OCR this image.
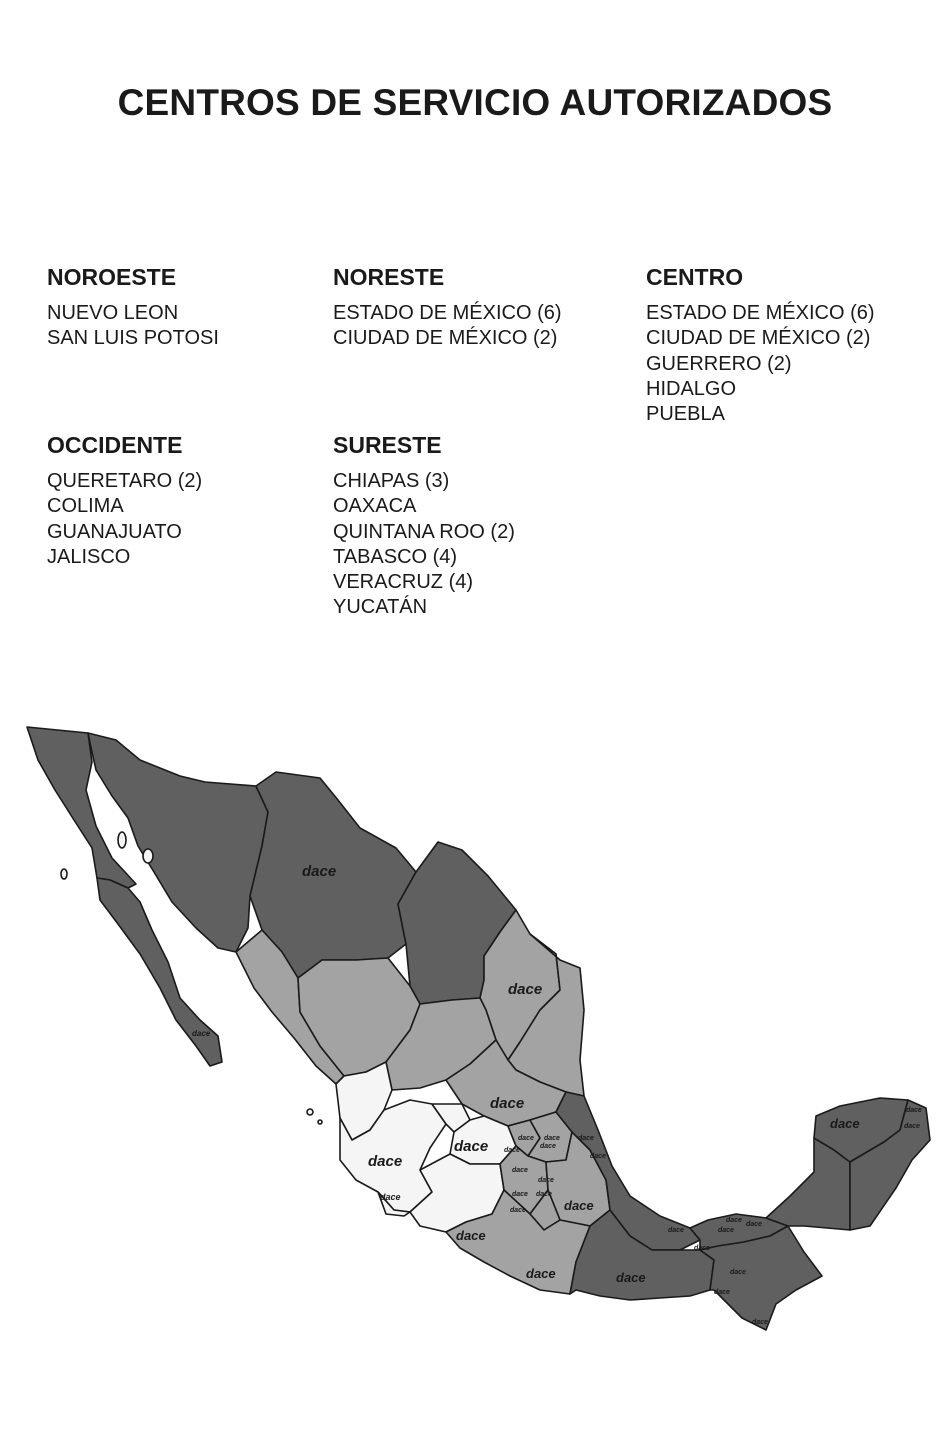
CENTROS DE SERVICIO AUTORIZADOS
NOROESTE
NUEVO LEON
SAN LUIS POTOSI
NORESTE
ESTADO DE MÉXICO (6)
CIUDAD DE MÉXICO (2)
CENTRO
ESTADO DE MÉXICO (6)
CIUDAD DE MÉXICO (2)
GUERRERO (2)
HIDALGO
PUEBLA
OCCIDENTE
QUERETARO (2)
COLIMA
GUANAJUATO
JALISCO
SURESTE
CHIAPAS (3)
OAXACA
QUINTANA ROO (2)
TABASCO (4)
VERACRUZ (4)
YUCATÁN
dace
dace
dace
dace
dace
dace
dace
dace
dace
dace	dace
dace
dace
dace
dace dace
dace
dace
dace
dace
dace
dace
dace dace
dace
dace
dace
dace
dace
dace
dace
dace
dace
